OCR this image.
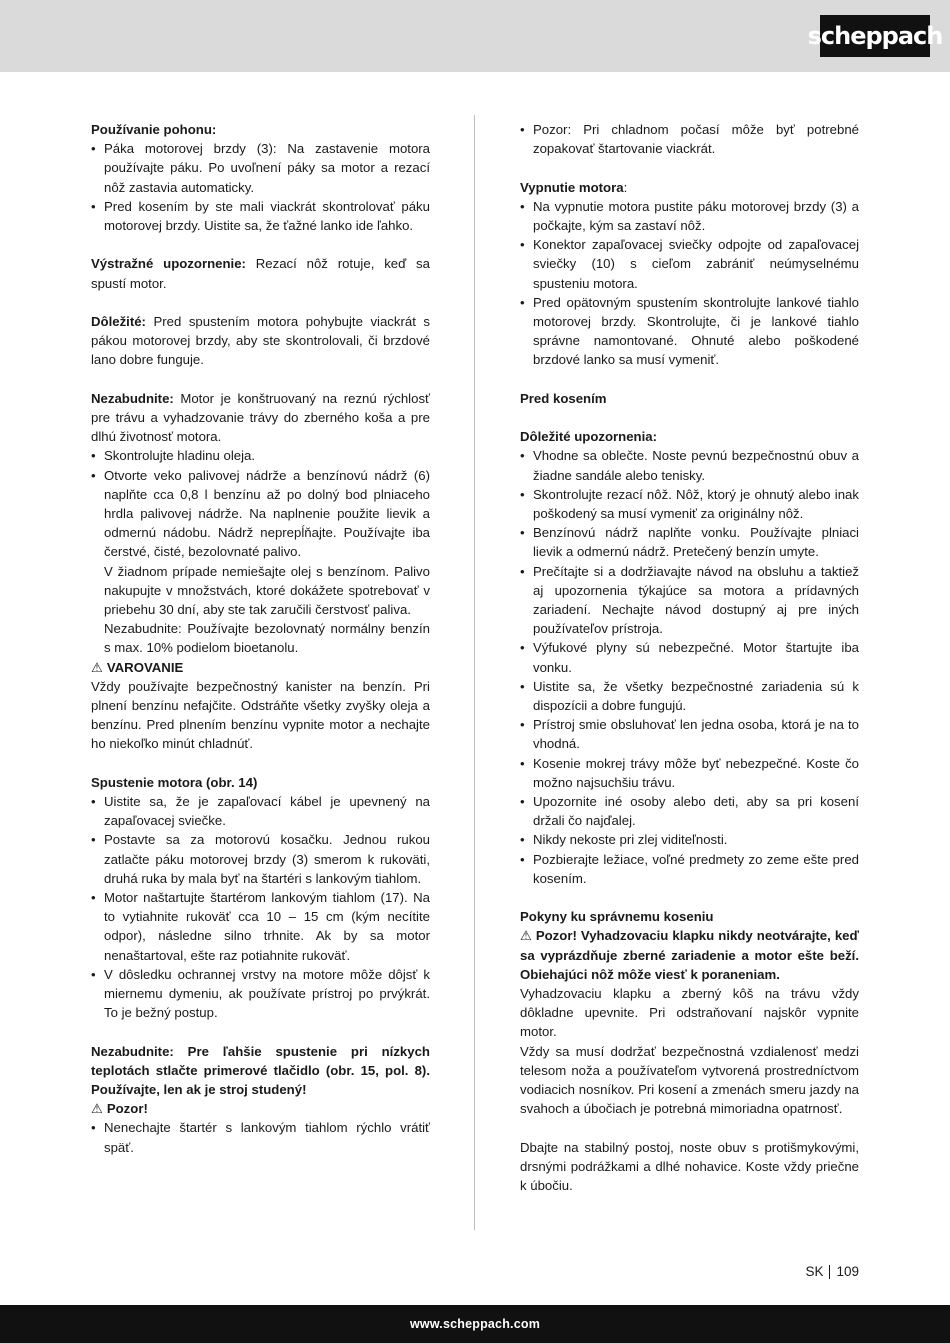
scheppach

Používanie pohonu:

• Páka motorovej brzdy (3): Na zastavenie motora používajte páku. Po uvoľnení páky sa motor a rezací nôž zastavia automaticky.
• Pred kosením by ste mali viackrát skontrolovať páku motorovej brzdy. Uistite sa, že ťažné lanko ide ľahko.

Výstražné upozornenie: Rezací nôž rotuje, keď sa spustí motor.

Dôležité: Pred spustením motora pohybujte viackrát s pákou motorovej brzdy, aby ste skontrolovali, či brzdové lano dobre funguje.

Nezabudnite: Motor je konštruovaný na reznú rýchlosť pre trávu a vyhadzovanie trávy do zberného koša a pre dlhú životnosť motora.

• Skontrolujte hladinu oleja.
• Otvorte veko palivovej nádrže a benzínovú nádrž (6) naplňte cca 0,8 l benzínu až po dolný bod plniaceho hrdla palivovej nádrže. Na naplnenie použite lievik a odmernú nádobu. Nádrž neprepĺňajte. Používajte iba čerstvé, čisté, bezolovnaté palivo.

V žiadnom prípade nemiešajte olej s benzínom. Palivo nakupujte v množstvách, ktoré dokážete spotrebovať v priebehu 30 dní, aby ste tak zaručili čerstvosť paliva.

Nezabudnite: Používajte bezolovnatý normálny benzín s max. 10% podielom bioetanolu.

⚠ VAROVANIE

Vždy používajte bezpečnostný kanister na benzín. Pri plnení benzínu nefajčite. Odstráňte všetky zvyšky oleja a benzínu. Pred plnením benzínu vypnite motor a nechajte ho niekoľko minút chladnúť.

Spustenie motora (obr. 14)

• Uistite sa, že je zapaľovací kábel je upevnený na zapaľovacej sviečke.
• Postavte sa za motorovú kosačku. Jednou rukou zatlačte páku motorovej brzdy (3) smerom k rukoväti, druhá ruka by mala byť na štartéri s lankovým tiahlom.
• Motor naštartujte štartérom lankovým tiahlom (17). Na to vytiahnite rukoväť cca 10 – 15 cm (kým necítite odpor), následne silno trhnite. Ak by sa motor nenaštartoval, ešte raz potiahnite rukoväť.
• V dôsledku ochrannej vrstvy na motore môže dôjsť k miernemu dymeniu, ak používate prístroj po prvýkrát. To je bežný postup.

Nezabudnite: Pre ľahšie spustenie pri nízkych teplotách stlačte primerové tlačidlo (obr. 15, pol. 8). Používajte, len ak je stroj studený!

⚠ Pozor!

• Nenechajte štartér s lankovým tiahlom rýchlo vrátiť späť.
• Pozor: Pri chladnom počasí môže byť potrebné zopakovať štartovanie viackrát.

Vypnutie motora:

• Na vypnutie motora pustite páku motorovej brzdy (3) a počkajte, kým sa zastaví nôž.
• Konektor zapaľovacej sviečky odpojte od zapaľovacej sviečky (10) s cieľom zabrániť neúmyselnému spusteniu motora.
• Pred opätovným spustením skontrolujte lankové tiahlo motorovej brzdy. Skontrolujte, či je lankové tiahlo správne namontované. Ohnuté alebo poškodené brzdové lanko sa musí vymeniť.

Pred kosením

Dôležité upozornenia:

• Vhodne sa oblečte. Noste pevnú bezpečnostnú obuv a žiadne sandále alebo tenisky.
• Skontrolujte rezací nôž. Nôž, ktorý je ohnutý alebo inak poškodený sa musí vymeniť za originálny nôž.
• Benzínovú nádrž naplňte vonku. Používajte plniaci lievik a odmernú nádrž. Pretečený benzín umyte.
• Prečítajte si a dodržiavajte návod na obsluhu a taktiež aj upozornenia týkajúce sa motora a prídavných zariadení. Nechajte návod dostupný aj pre iných používateľov prístroja.
• Výfukové plyny sú nebezpečné. Motor štartujte iba vonku.
• Uistite sa, že všetky bezpečnostné zariadenia sú k dispozícii a dobre fungujú.
• Prístroj smie obsluhovať len jedna osoba, ktorá je na to vhodná.
• Kosenie mokrej trávy môže byť nebezpečné. Koste čo možno najsuchšiu trávu.
• Upozornite iné osoby alebo deti, aby sa pri kosení držali čo najďalej.
• Nikdy nekoste pri zlej viditeľnosti.
• Pozbierajte ležiace, voľné predmety zo zeme ešte pred kosením.

Pokyny ku správnemu koseniu

⚠ Pozor! Vyhadzovaciu klapku nikdy neotvárajte, keď sa vyprázdňuje zberné zariadenie a motor ešte beží. Obiehajúci nôž môže viesť k poraneniam.

Vyhadzovaciu klapku a zberný kôš na trávu vždy dôkladne upevnite. Pri odstraňovaní najskôr vypnite motor.

Vždy sa musí dodržať bezpečnostná vzdialenosť medzi telesom noža a používateľom vytvorená prostredníctvom vodiacich nosníkov. Pri kosení a zmenách smeru jazdy na svahoch a úbočiach je potrebná mimoriadna opatrnosť.

Dbajte na stabilný postoj, noste obuv s protišmykovými, drsnými podrážkami a dlhé nohavice. Koste vždy priečne k úbočiu.

SK 109
www.scheppach.com
